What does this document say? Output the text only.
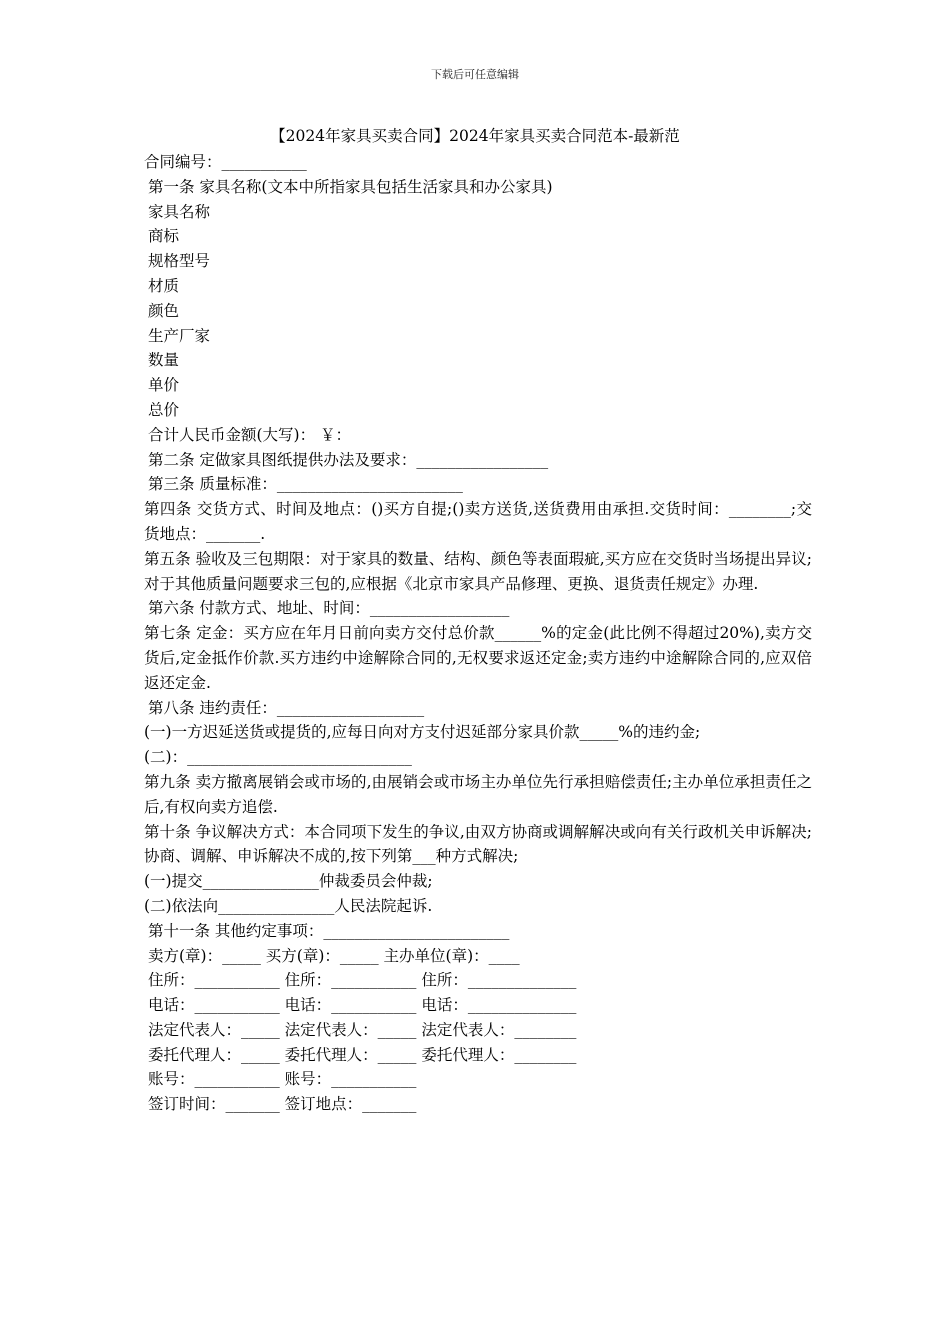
下载后可任意编辑
【2024年家具买卖合同】2024年家具买卖合同范本-最新范
合同编号：___________
第一条 家具名称(文本中所指家具包括生活家具和办公家具)
家具名称
商标
规格型号
材质
颜色
生产厂家
数量
单价
总价
合计人民币金额(大写)： ￥：
第二条 定做家具图纸提供办法及要求：_________________
第三条 质量标准：________________________
第四条 交货方式、时间及地点：()买方自提;()卖方送货,送货费用由承担.交货时间：________;交货地点：_______.
第五条 验收及三包期限：对于家具的数量、结构、颜色等表面瑕疵,买方应在交货时当场提出异议;对于其他质量问题要求三包的,应根据《北京市家具产品修理、更换、退货责任规定》办理.
第六条 付款方式、地址、时间：__________________
第七条 定金：买方应在年月日前向卖方交付总价款______%的定金(此比例不得超过20%),卖方交货后,定金抵作价款.买方违约中途解除合同的,无权要求返还定金;卖方违约中途解除合同的,应双倍返还定金.
第八条 违约责任：___________________
(一)一方迟延送货或提货的,应每日向对方支付迟延部分家具价款_____%的违约金;
(二)：_____________________________
第九条 卖方撤离展销会或市场的,由展销会或市场主办单位先行承担赔偿责任;主办单位承担责任之后,有权向卖方追偿.
第十条 争议解决方式：本合同项下发生的争议,由双方协商或调解解决或向有关行政机关申诉解决;协商、调解、申诉解决不成的,按下列第___种方式解决;
(一)提交_______________仲裁委员会仲裁;
(二)依法向_______________人民法院起诉.
第十一条 其他约定事项：________________________
卖方(章)：_____ 买方(章)：_____ 主办单位(章)：____
住所：___________ 住所：___________ 住所：______________
电话：___________ 电话：___________ 电话：______________
法定代表人：_____ 法定代表人：_____ 法定代表人：________
委托代理人：_____ 委托代理人：_____ 委托代理人：________
账号：___________ 账号：___________
签订时间：_______ 签订地点：_______
